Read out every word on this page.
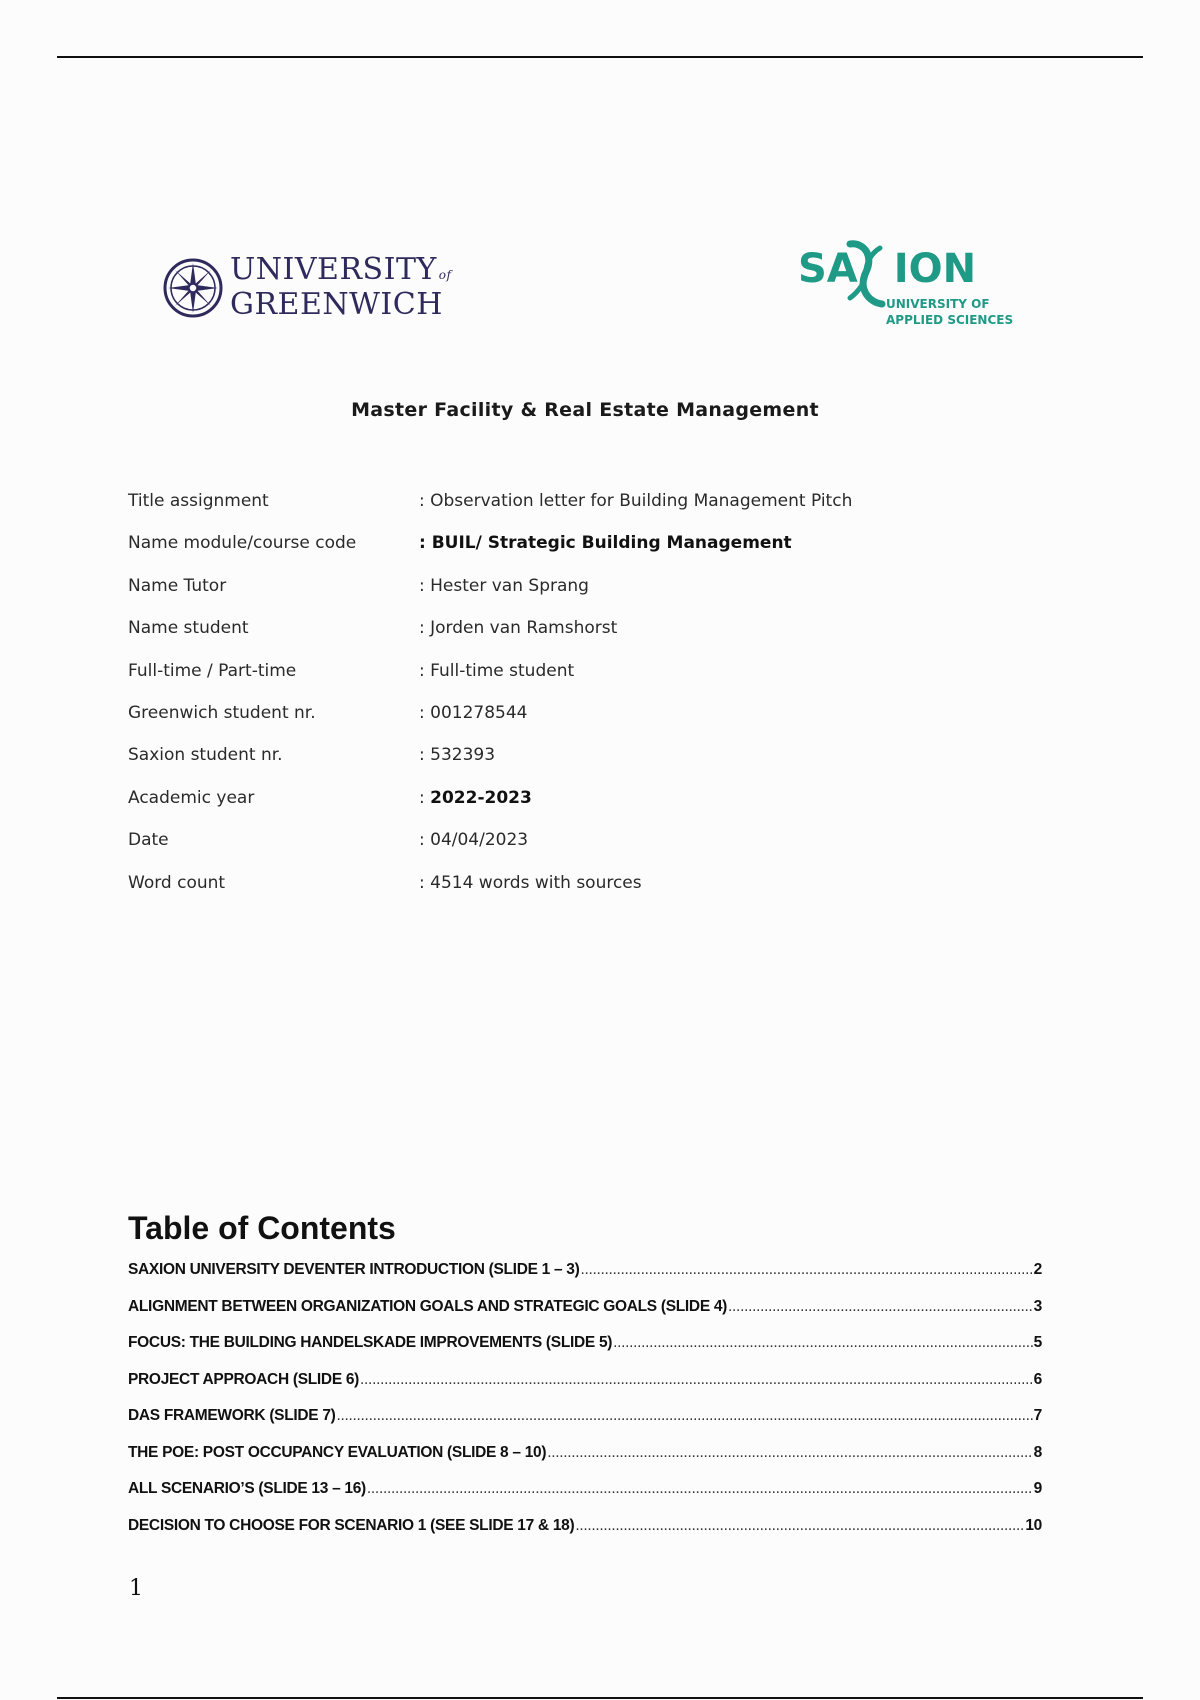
UNIVERSITY of
GREENWICH
SA ION
UNIVERSITY OF
APPLIED SCIENCES
Master Facility & Real Estate Management
Title assignment	: Observation letter for Building Management Pitch
Name module/course code	: BUIL/ Strategic Building Management
Name Tutor	: Hester van Sprang
Name student	: Jorden van Ramshorst
Full-time / Part-time	: Full-time student
Greenwich student nr.	: 001278544
Saxion student nr.	: 532393
Academic year	: 2022-2023
Date	: 04/04/2023
Word count	: 4514 words with sources
Table of Contents
SAXION UNIVERSITY DEVENTER INTRODUCTION (SLIDE 1 – 3) .....	2
ALIGNMENT BETWEEN ORGANIZATION GOALS AND STRATEGIC GOALS (SLIDE 4) .....	3
FOCUS: THE BUILDING HANDELSKADE IMPROVEMENTS (SLIDE 5) .....	5
PROJECT APPROACH (SLIDE 6) .....	6
DAS FRAMEWORK (SLIDE 7) .....	7
THE POE: POST OCCUPANCY EVALUATION (SLIDE 8 – 10) .....	8
ALL SCENARIO’S (SLIDE 13 – 16) .....	9
DECISION TO CHOOSE FOR SCENARIO 1 (SEE SLIDE 17 & 18) .....	10
1
